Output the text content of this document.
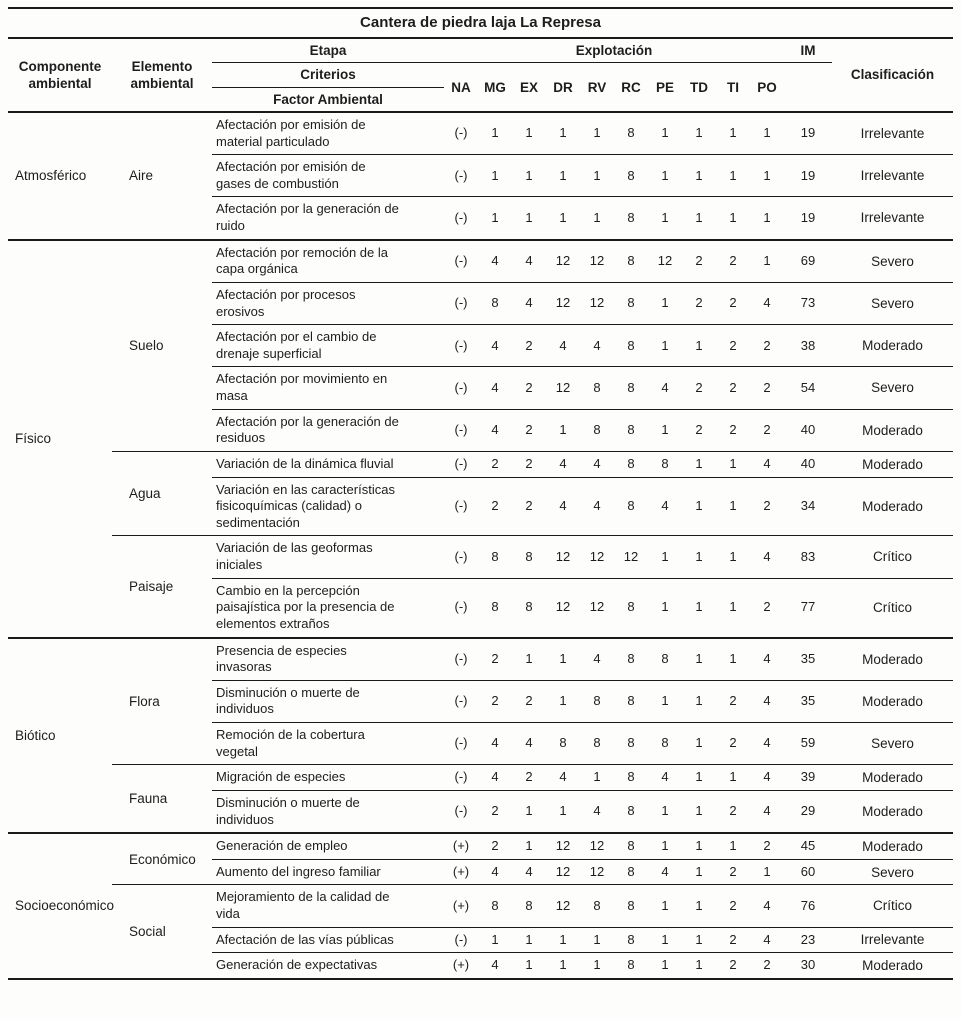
Cantera de piedra laja La Represa														
Componente ambiental	Elemento ambiental	Etapa	Explotación										IM	Clasificación
		Criterios	NA	MG	EX	DR	RV	RC	PE	TD	TI	PO		
		Factor Ambiental												
Atmosférico	Aire	Afectación por emisión de material particulado	(-)	1	1	1	1	8	1	1	1	1	19	Irrelevante
		Afectación por emisión de gases de combustión	(-)	1	1	1	1	8	1	1	1	1	19	Irrelevante
		Afectación por la generación de ruido	(-)	1	1	1	1	8	1	1	1	1	19	Irrelevante
Físico	Suelo	Afectación por remoción de la capa orgánica	(-)	4	4	12	12	8	12	2	2	1	69	Severo
		Afectación por procesos erosivos	(-)	8	4	12	12	8	1	2	2	4	73	Severo
		Afectación por el cambio de drenaje superficial	(-)	4	2	4	4	8	1	1	2	2	38	Moderado
		Afectación por movimiento en masa	(-)	4	2	12	8	8	4	2	2	2	54	Severo
		Afectación por la generación de residuos	(-)	4	2	1	8	8	1	2	2	2	40	Moderado
	Agua	Variación de la dinámica fluvial	(-)	2	2	4	4	8	8	1	1	4	40	Moderado
		Variación en las características fisicoquímicas (calidad) o sedimentación	(-)	2	2	4	4	8	4	1	1	2	34	Moderado
	Paisaje	Variación de las geoformas iniciales	(-)	8	8	12	12	12	1	1	1	4	83	Crítico
		Cambio en la percepción paisajística por la presencia de elementos extraños	(-)	8	8	12	12	8	1	1	1	2	77	Crítico
Biótico	Flora	Presencia de especies invasoras	(-)	2	1	1	4	8	8	1	1	4	35	Moderado
		Disminución o muerte de individuos	(-)	2	2	1	8	8	1	1	2	4	35	Moderado
		Remoción de la cobertura vegetal	(-)	4	4	8	8	8	8	1	2	4	59	Severo
	Fauna	Migración de especies	(-)	4	2	4	1	8	4	1	1	4	39	Moderado
		Disminución o muerte de individuos	(-)	2	1	1	4	8	1	1	2	4	29	Moderado
Socioeconómico	Económico	Generación de empleo	(+)	2	1	12	12	8	1	1	1	2	45	Moderado
		Aumento del ingreso familiar	(+)	4	4	12	12	8	4	1	2	1	60	Severo
	Social	Mejoramiento de la calidad de vida	(+)	8	8	12	8	8	1	1	2	4	76	Crítico
		Afectación de las vías públicas	(-)	1	1	1	1	8	1	1	2	4	23	Irrelevante
		Generación de expectativas	(+)	4	1	1	1	8	1	1	2	2	30	Moderado
